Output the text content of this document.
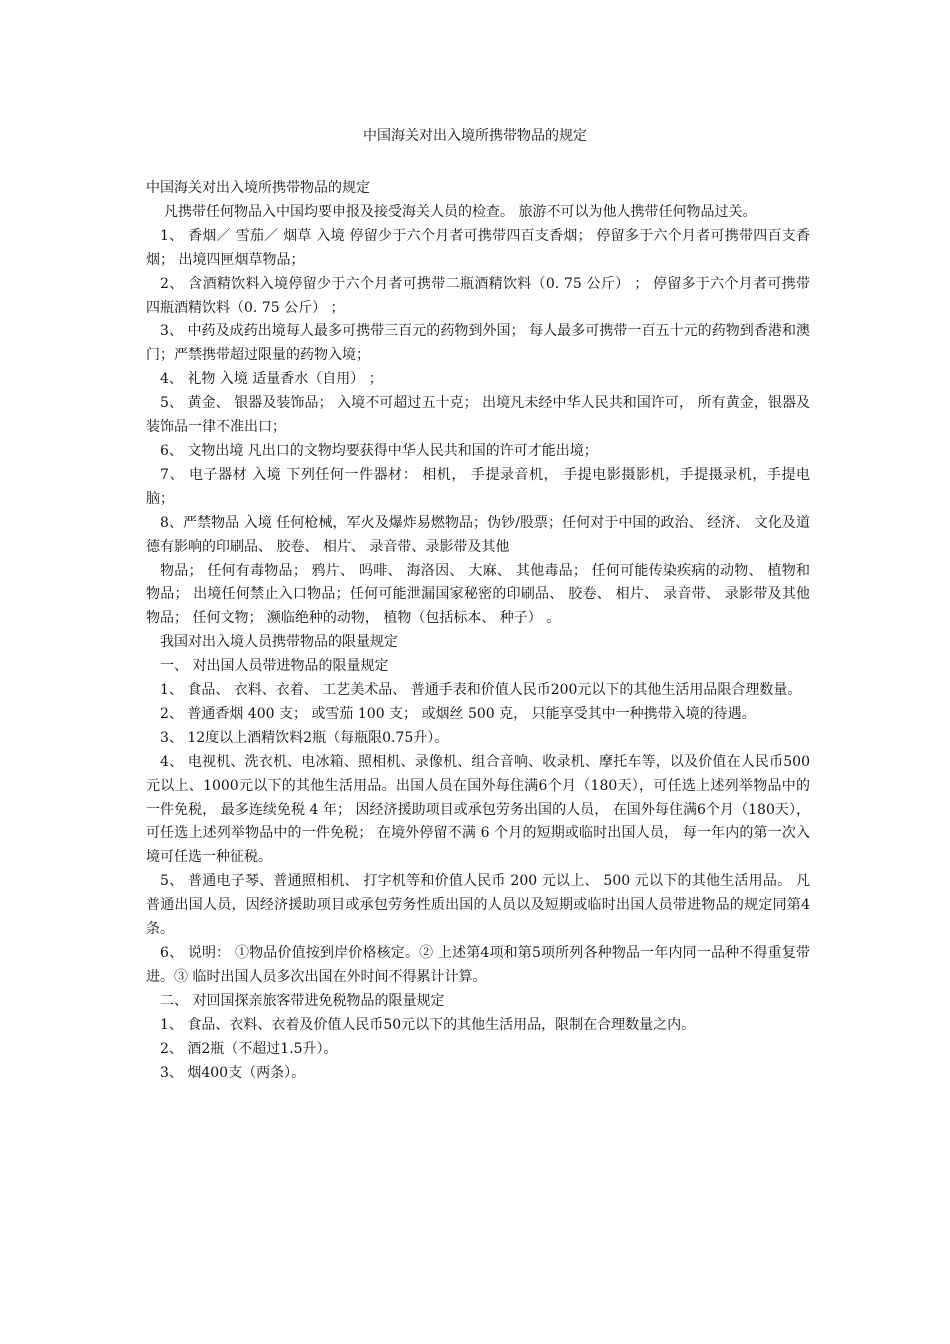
中国海关对出入境所携带物品的规定

中国海关对出入境所携带物品的规定

凡携带任何物品入中国均要申报及接受海关人员的检查。 旅游不可以为他人携带任何物品过关。

1、 香烟／ 雪茄／ 烟草 入境 停留少于六个月者可携带四百支香烟； 停留多于六个月者可携带四百支香烟； 出境四匣烟草物品；

2、 含酒精饮料入境停留少于六个月者可携带二瓶酒精饮料（0. 75 公斤） ； 停留多于六个月者可携带四瓶酒精饮料（0. 75 公斤） ；

3、 中药及成药出境每人最多可携带三百元的药物到外国； 每人最多可携带一百五十元的药物到香港和澳门；严禁携带超过限量的药物入境；

4、 礼物 入境 适量香水（自用） ；

5、 黄金、 银器及装饰品； 入境不可超过五十克； 出境凡未经中华人民共和国许可， 所有黄金，银器及装饰品一律不准出口；

6、 文物出境 凡出口的文物均要获得中华人民共和国的许可才能出境；

7、 电子器材 入境 下列任何一件器材： 相机， 手提录音机， 手提电影摄影机，手提摄录机，手提电脑；

8、严禁物品 入境 任何枪械，军火及爆炸易燃物品；伪钞/股票；任何对于中国的政治、 经济、 文化及道德有影响的印刷品、 胶卷、 相片、 录音带、录影带及其他

物品； 任何有毒物品； 鸦片、 吗啡、 海洛因、 大麻、 其他毒品； 任何可能传染疾病的动物、 植物和物品； 出境任何禁止入口物品；任何可能泄漏国家秘密的印刷品、 胶卷、 相片、 录音带、 录影带及其他物品； 任何文物； 濒临绝种的动物， 植物（包括标本、 种子） 。

我国对出入境人员携带物品的限量规定

一、 对出国人员带进物品的限量规定

1、 食品、 衣料、衣着、 工艺美术品、 普通手表和价值人民币200元以下的其他生活用品限合理数量。

2、 普通香烟 400 支； 或雪茄 100 支； 或烟丝 500 克， 只能享受其中一种携带入境的待遇。

3、 12度以上酒精饮料2瓶（每瓶限0.75升）。

4、 电视机、洗衣机、电冰箱、照相机、录像机、组合音响、收录机、摩托车等，以及价值在人民币500元以上、1000元以下的其他生活用品。出国人员在国外每住满6个月（180天），可任选上述列举物品中的一件免税， 最多连续免税 4 年； 因经济援助项目或承包劳务出国的人员， 在国外每住满6个月（180天），可任选上述列举物品中的一件免税； 在境外停留不满 6 个月的短期或临时出国人员， 每一年内的第一次入境可任选一种征税。

5、 普通电子琴、普通照相机、 打字机等和价值人民币 200 元以上、 500 元以下的其他生活用品。 凡普通出国人员，因经济援助项目或承包劳务性质出国的人员以及短期或临时出国人员带进物品的规定同第4条。

6、 说明： ①物品价值按到岸价格核定。② 上述第4项和第5项所列各种物品一年内同一品种不得重复带进。③ 临时出国人员多次出国在外时间不得累计计算。

二、 对回国探亲旅客带进免税物品的限量规定

1、 食品、衣料、衣着及价值人民币50元以下的其他生活用品，限制在合理数量之内。

2、 酒2瓶（不超过1.5升）。

3、 烟400支（两条）。
